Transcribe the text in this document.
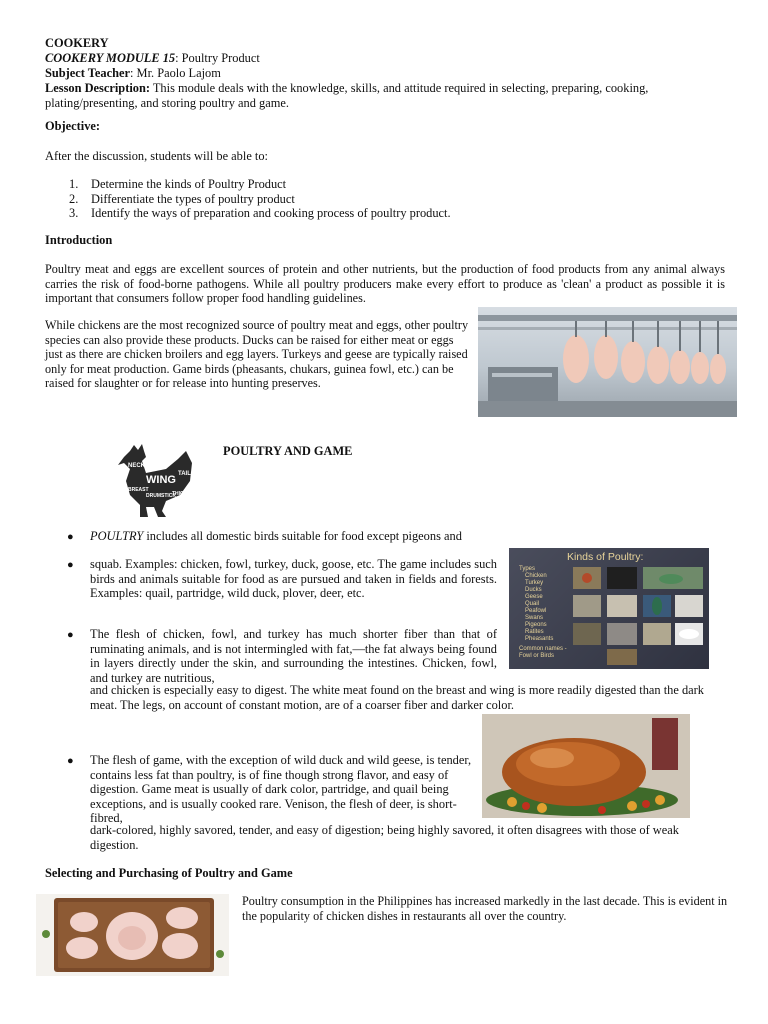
COOKERY

COOKERY MODULE 15: Poultry Product

Subject Teacher: Mr. Paolo Lajom

Lesson Description: This module deals with the knowledge, skills, and attitude required in selecting, preparing, cooking, plating/presenting, and storing poultry and game.

Objective:

After the discussion, students will be able to:

1. Determine the kinds of Poultry Product
2. Differentiate the types of poultry product
3. Identify the ways of preparation and cooking process of poultry product.

Introduction

Poultry meat and eggs are excellent sources of protein and other nutrients, but the production of food products from any animal always carries the risk of food-borne pathogens. While all poultry producers make every effort to produce as 'clean' a product as possible it is important that consumers follow proper food handling guidelines.

While chickens are the most recognized source of poultry meat and eggs, other poultry species can also provide these products. Ducks can be raised for either meat or eggs just as there are chicken broilers and egg layers. Turkeys and geese are typically raised only for meat production. Game birds (pheasants, chukars, guinea fowl, etc.) can be raised for slaughter or for release into hunting preserves.

NECK
WING TAIL
BREAST
DRUMSTICK
THIGH

POULTRY AND GAME

● POULTRY includes all domestic birds suitable for food except pigeons and

● squab. Examples: chicken, fowl, turkey, duck, goose, etc. The game includes such birds and animals suitable for food as are pursued and taken in fields and forests. Examples: quail, partridge, wild duck, plover, deer, etc.

Kinds of Poultry:
Types
Chicken
Turkey
Ducks
Geese
Quail
Peafowl
Swans
Pigeons
Ratites
Pheasants
Common names - Fowl or Birds
● The flesh of chicken, fowl, and turkey has much shorter fiber than that of ruminating animals, and is not intermingled with fat,—the fat always being found in layers directly under the skin, and surrounding the intestines. Chicken, fowl, and turkey are nutritious,

and chicken is especially easy to digest. The white meat found on the breast and wing is more readily digested than the dark meat. The legs, on account of constant motion, are of a coarser fiber and darker color.

● The flesh of game, with the exception of wild duck and wild geese, is tender, contains less fat than poultry, is of fine though strong flavor, and easy of digestion. Game meat is usually of dark color, partridge, and quail being exceptions, and is usually cooked rare. Venison, the flesh of deer, is short-fibred,

dark-colored, highly savored, tender, and easy of digestion; being highly savored, it often disagrees with those of weak digestion.

Selecting and Purchasing of Poultry and Game

Poultry consumption in the Philippines has increased markedly in the last decade. This is evident in the popularity of chicken dishes in restaurants all over the country.
